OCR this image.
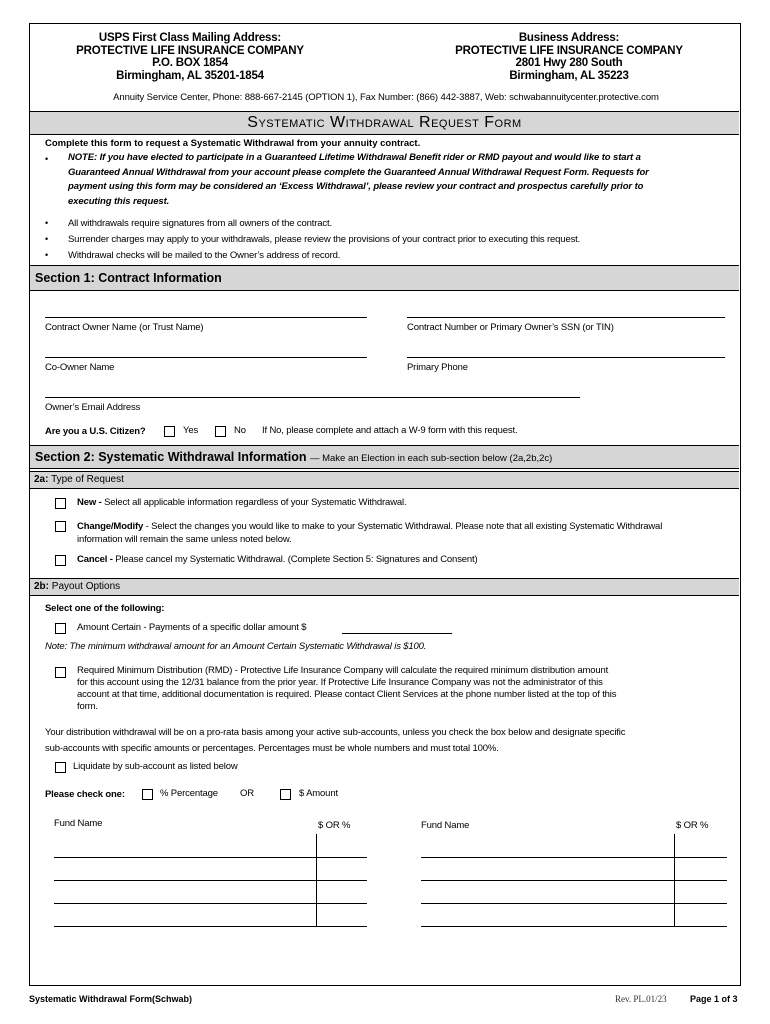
USPS First Class Mailing Address:
PROTECTIVE LIFE INSURANCE COMPANY
P.O. BOX 1854
Birmingham, AL 35201-1854
Business Address:
PROTECTIVE LIFE INSURANCE COMPANY
2801 Hwy 280 South
Birmingham, AL 35223
Annuity Service Center, Phone: 888-667-2145 (OPTION 1), Fax Number: (866) 442-3887, Web: schwabannuitycenter.protective.com
Systematic Withdrawal Request Form
Complete this form to request a Systematic Withdrawal from your annuity contract.
• NOTE: If you have elected to participate in a Guaranteed Lifetime Withdrawal Benefit rider or RMD payout and would like to start a
Guaranteed Annual Withdrawal from your account please complete the Guaranteed Annual Withdrawal Request Form. Requests for
payment using this form may be considered an ‘Excess Withdrawal’, please review your contract and prospectus carefully prior to
executing this request.
• All withdrawals require signatures from all owners of the contract.
• Surrender charges may apply to your withdrawals, please review the provisions of your contract prior to executing this request.
• Withdrawal checks will be mailed to the Owner’s address of record.
Section 1: Contract Information
Contract Owner Name (or Trust Name)	Contract Number or Primary Owner’s SSN (or TIN)
Co-Owner Name	Primary Phone
Owner’s Email Address
Are you a U.S. Citizen?	Yes	No If No, please complete and attach a W-9 form with this request.
Section 2: Systematic Withdrawal Information — Make an Election in each sub-section below (2a,2b,2c)
2a: Type of Request
New - Select all applicable information regardless of your Systematic Withdrawal.
Change/Modify - Select the changes you would like to make to your Systematic Withdrawal. Please note that all existing Systematic Withdrawal
information will remain the same unless noted below.
Cancel - Please cancel my Systematic Withdrawal. (Complete Section 5: Signatures and Consent)
2b: Payout Options
Select one of the following:
Amount Certain - Payments of a specific dollar amount $
Note: The minimum withdrawal amount for an Amount Certain Systematic Withdrawal is $100.
Required Minimum Distribution (RMD) - Protective Life Insurance Company will calculate the required minimum distribution amount
for this account using the 12/31 balance from the prior year. If Protective Life Insurance Company was not the administrator of this
account at that time, additional documentation is required. Please contact Client Services at the phone number listed at the top of this
form.
Your distribution withdrawal will be on a pro-rata basis among your active sub-accounts, unless you check the box below and designate specific
sub-accounts with specific amounts or percentages. Percentages must be whole numbers and must total 100%.
Liquidate by sub-account as listed below
Please check one:	% Percentage OR	$ Amount
Fund Name	$ OR %	Fund Name	$ OR %
Systematic Withdrawal Form(Schwab)	Rev. PL.01/23	Page 1 of 3
